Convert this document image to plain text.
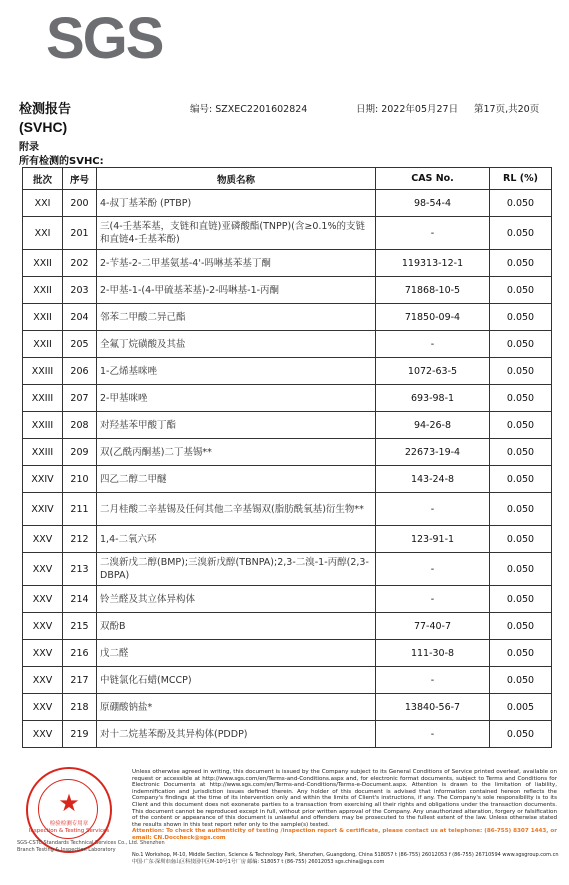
SGS
检测报告
(SVHC)
编号: SZXEC2201602824	日期: 2022年05月27日 第17页,共20页
附录
所有检测的SVHC:
批次	序号	物质名称	CAS No.	RL (%)
XXI	200	4-叔丁基苯酚 (PTBP)	98-54-4	0.050
XXI	201	三(4-壬基苯基，支链和直链)亚磷酸酯(TNPP)(含≥0.1%的支链和直链4-壬基苯酚)	-	0.050
XXII	202	2-苄基-2-二甲基氨基-4'-吗啉基苯基丁酮	119313-12-1	0.050
XXII	203	2-甲基-1-(4-甲硫基苯基)-2-吗啉基-1-丙酮	71868-10-5	0.050
XXII	204	邻苯二甲酸二异己酯	71850-09-4	0.050
XXII	205	全氟丁烷磺酸及其盐	-	0.050
XXIII	206	1-乙烯基咪唑	1072-63-5	0.050
XXIII	207	2-甲基咪唑	693-98-1	0.050
XXIII	208	对羟基苯甲酸丁酯	94-26-8	0.050
XXIII	209	双(乙酰丙酮基)二丁基锡**	22673-19-4	0.050
XXIV	210	四乙二醇二甲醚	143-24-8	0.050
XXIV	211	二月桂酸二辛基锡及任何其他二辛基锡双(脂肪酰氧基)衍生物**	-	0.050
XXV	212	1,4-二氧六环	123-91-1	0.050
XXV	213	二溴新戊二醇(BMP);三溴新戊醇(TBNPA);2,3-二溴-1-丙醇(2,3-DBPA)	-	0.050
XXV	214	铃兰醛及其立体异构体	-	0.050
XXV	215	双酚B	77-40-7	0.050
XXV	216	戊二醛	111-30-8	0.050
XXV	217	中链氯化石蜡(MCCP)	-	0.050
XXV	218	原硼酸钠盐*	13840-56-7	0.005
XXV	219	对十二烷基苯酚及其异构体(PDDP)	-	0.050
★
检验检测专用章
Inspection & Testing Services
SGS-CSTC Standards Technical Services Co., Ltd. Shenzhen Branch Testing & Inspection Laboratory
Unless otherwise agreed in writing, this document is issued by the Company subject to its General Conditions of Service printed overleaf, available on request or accessible at http://www.sgs.com/en/Terms-and-Conditions.aspx and, for electronic format documents, subject to Terms and Conditions for Electronic Documents at http://www.sgs.com/en/Terms-and-Conditions/Terms-e-Document.aspx. Attention is drawn to the limitation of liability, indemnification and jurisdiction issues defined therein. Any holder of this document is advised that information contained hereon reflects the Company's findings at the time of its intervention only and within the limits of Client's instructions, if any. The Company's sole responsibility is to its Client and this document does not exonerate parties to a transaction from exercising all their rights and obligations under the transaction documents. This document cannot be reproduced except in full, without prior written approval of the Company. Any unauthorized alteration, forgery or falsification of the content or appearance of this document is unlawful and offenders may be prosecuted to the fullest extent of the law. Unless otherwise stated the results shown in this test report refer only to the sample(s) tested.
Attention: To check the authenticity of testing /inspection report & certificate, please contact us at telephone: (86-755) 8307 1443, or email: CN.Doccheck@sgs.com
No.1 Workshop, M-10, Middle Section, Science & Technology Park, Shenzhen, Guangdong, China 518057 t (86-755) 26012053 f (86-755) 26710594 www.sgsgroup.com.cn
中国·广东·深圳市南山区科技园中区M-10号1号厂房 邮编: 518057 t (86-755) 26012053 sgs.china@sgs.com
